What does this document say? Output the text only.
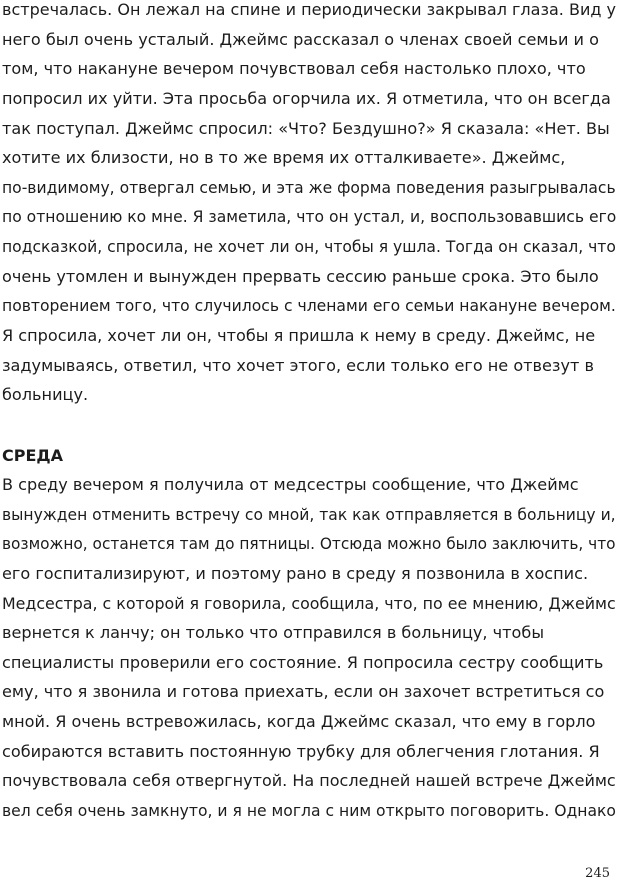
встречалась. Он лежал на спине и периодически закрывал глаза. Вид у
него был очень усталый. Джеймс рассказал о членах своей семьи и о
том, что накануне вечером почувствовал себя настолько плохо, что
попросил их уйти. Эта просьба огорчила их. Я отметила, что он всегда
так поступал. Джеймс спросил: «Что? Бездушно?» Я сказала: «Нет. Вы
хотите их близости, но в то же время их отталкиваете». Джеймс,
по-видимому, отвергал семью, и эта же форма поведения разыгрывалась
по отношению ко мне. Я заметила, что он устал, и, воспользовавшись его
подсказкой, спросила, не хочет ли он, чтобы я ушла. Тогда он сказал, что
очень утомлен и вынужден прервать сессию раньше срока. Это было
повторением того, что случилось с членами его семьи накануне вечером.
Я спросила, хочет ли он, чтобы я пришла к нему в среду. Джеймс, не
задумываясь, ответил, что хочет этого, если только его не отвезут в
больницу.
СРЕДА
В среду вечером я получила от медсестры сообщение, что Джеймс
вынужден отменить встречу со мной, так как отправляется в больницу и,
возможно, останется там до пятницы. Отсюда можно было заключить, что
его госпитализируют, и поэтому рано в среду я позвонила в хоспис.
Медсестра, с которой я говорила, сообщила, что, по ее мнению, Джеймс
вернется к ланчу; он только что отправился в больницу, чтобы
специалисты проверили его состояние. Я попросила сестру сообщить
ему, что я звонила и готова приехать, если он захочет встретиться со
мной. Я очень встревожилась, когда Джеймс сказал, что ему в горло
собираются вставить постоянную трубку для облегчения глотания. Я
почувствовала себя отвергнутой. На последней нашей встрече Джеймс
вел себя очень замкнуто, и я не могла с ним открыто поговорить. Однако
245
